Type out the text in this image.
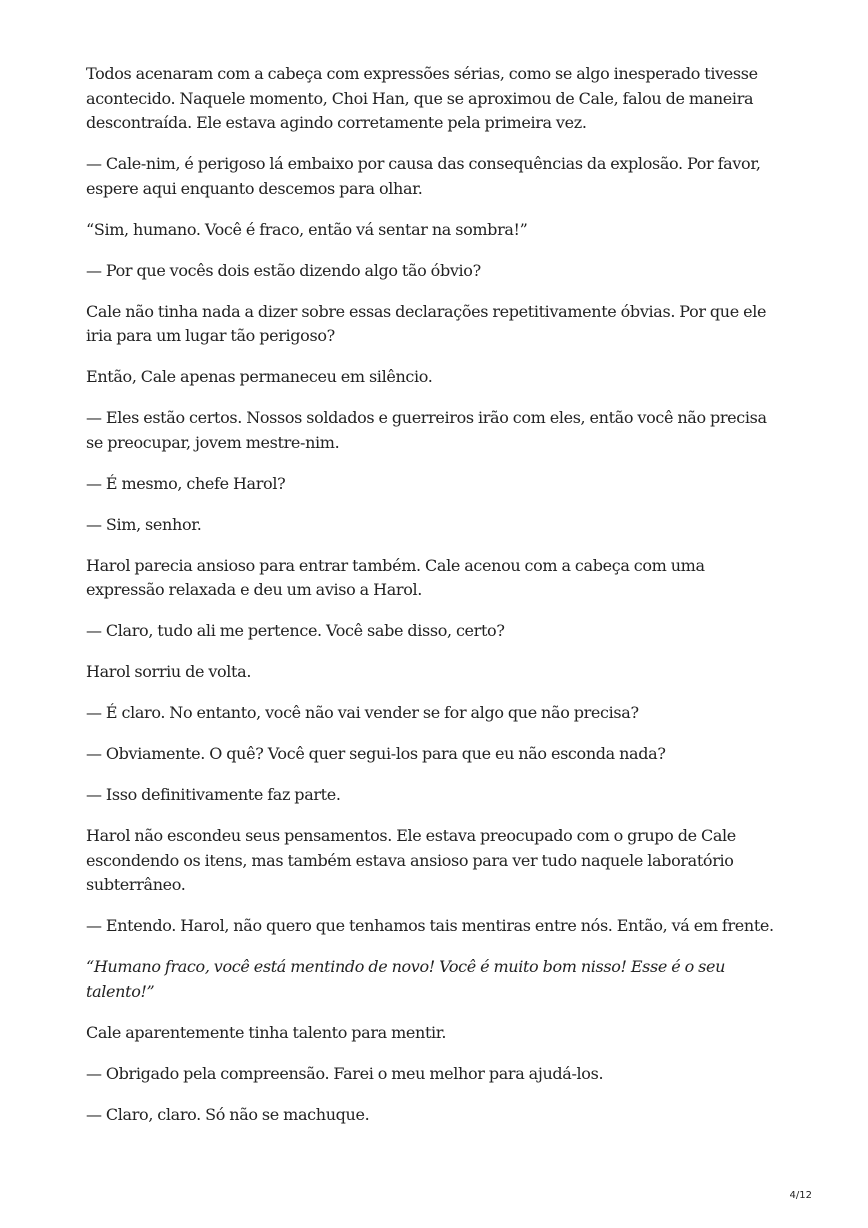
Todos acenaram com a cabeça com expressões sérias, como se algo inesperado tivesse acontecido. Naquele momento, Choi Han, que se aproximou de Cale, falou de maneira descontraída. Ele estava agindo corretamente pela primeira vez.

— Cale-nim, é perigoso lá embaixo por causa das consequências da explosão. Por favor, espere aqui enquanto descemos para olhar.

“Sim, humano. Você é fraco, então vá sentar na sombra!”

— Por que vocês dois estão dizendo algo tão óbvio?

Cale não tinha nada a dizer sobre essas declarações repetitivamente óbvias. Por que ele iria para um lugar tão perigoso?

Então, Cale apenas permaneceu em silêncio.

— Eles estão certos. Nossos soldados e guerreiros irão com eles, então você não precisa se preocupar, jovem mestre-nim.

— É mesmo, chefe Harol?

— Sim, senhor.

Harol parecia ansioso para entrar também. Cale acenou com a cabeça com uma expressão relaxada e deu um aviso a Harol.

— Claro, tudo ali me pertence. Você sabe disso, certo?

Harol sorriu de volta.

— É claro. No entanto, você não vai vender se for algo que não precisa?

— Obviamente. O quê? Você quer segui-los para que eu não esconda nada?

— Isso definitivamente faz parte.

Harol não escondeu seus pensamentos. Ele estava preocupado com o grupo de Cale escondendo os itens, mas também estava ansioso para ver tudo naquele laboratório subterrâneo.

— Entendo. Harol, não quero que tenhamos tais mentiras entre nós. Então, vá em frente.

“Humano fraco, você está mentindo de novo! Você é muito bom nisso! Esse é o seu talento!”

Cale aparentemente tinha talento para mentir.

— Obrigado pela compreensão. Farei o meu melhor para ajudá-los.

— Claro, claro. Só não se machuque.

4/12
